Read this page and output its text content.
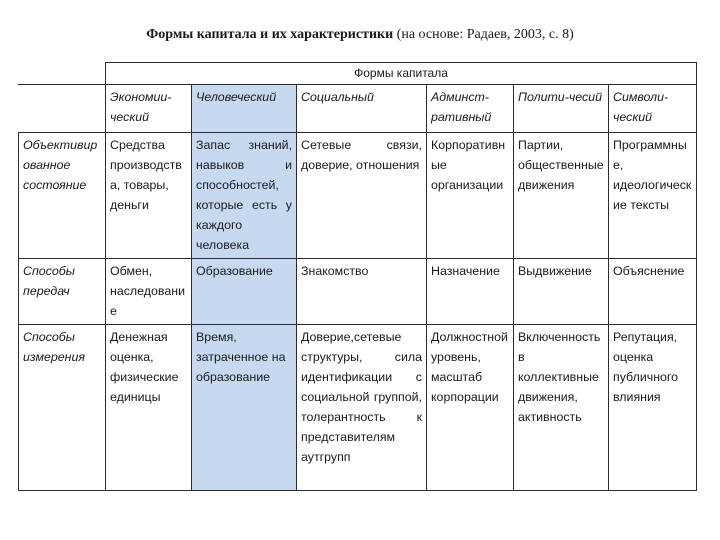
Формы капитала и их характеристики (на основе: Радаев, 2003, с. 8)
	Формы капитала					
	Экономии-ческий	Человеческий	Социальный	Админст-ративный	Полити-чесий	Символи-ческий
Объективированное состояние	Средства производства, товары, деньги	Запас знаний, навыков и способностей, которые есть у каждого человека	Сетевые связи, доверие, отношения	Корпоративные организации	Партии, общественные движения	Программные, идеологические тексты
Способы передач	Обмен, наследование	Образование	Знакомство	Назначение	Выдвижение	Объяснение
Способы измерения	Денежная оценка, физические единицы	Время, затраченное на образование	Доверие,сетевые структуры, сила идентификации с социальной группой, толерантность к представителям аутгрупп	Должностной уровень, масштаб корпорации	Включенность в коллективные движения, активность	Репутация, оценка публичного влияния
